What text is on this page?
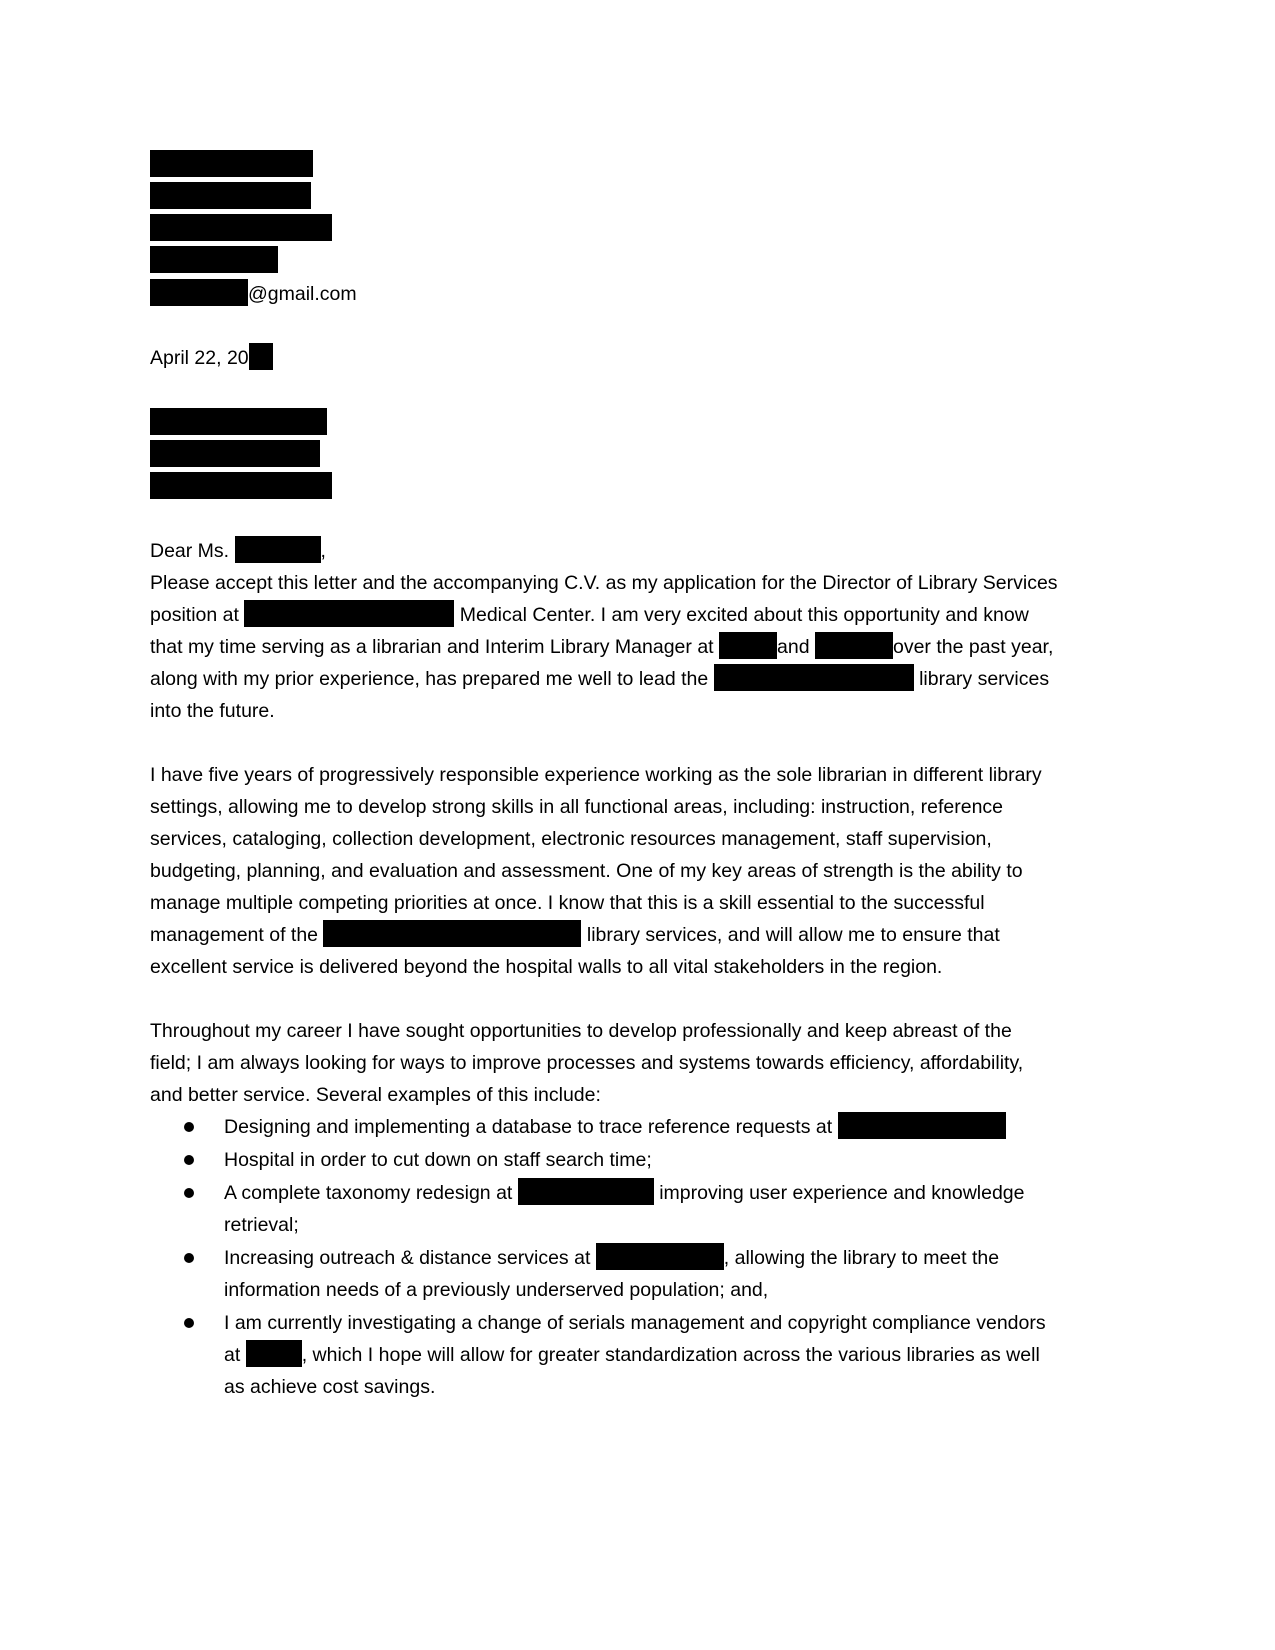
@gmail.com
April 22, 20
Dear Ms.	,
Please accept this letter and the accompanying C.V. as my application for the Director of Library Services
position at	Medical Center. I am very excited about this opportunity and know
that my time serving as a librarian and Interim Library Manager at	and	over the past year,
along with my prior experience, has prepared me well to lead the	library services
into the future.
I have five years of progressively responsible experience working as the sole librarian in different library
settings, allowing me to develop strong skills in all functional areas, including: instruction, reference
services, cataloging, collection development, electronic resources management, staff supervision,
budgeting, planning, and evaluation and assessment. One of my key areas of strength is the ability to
manage multiple competing priorities at once. I know that this is a skill essential to the successful
management of the	library services, and will allow me to ensure that
excellent service is delivered beyond the hospital walls to all vital stakeholders in the region.
Throughout my career I have sought opportunities to develop professionally and keep abreast of the
field; I am always looking for ways to improve processes and systems towards efficiency, affordability,
and better service. Several examples of this include:
Designing and implementing a database to trace reference requests at
Hospital in order to cut down on staff search time;
A complete taxonomy redesign at	improving user experience and knowledge
retrieval;
Increasing outreach & distance services at	, allowing the library to meet the
information needs of a previously underserved population; and,
I am currently investigating a change of serials management and copyright compliance vendors
at	, which I hope will allow for greater standardization across the various libraries as well
as achieve cost savings.
